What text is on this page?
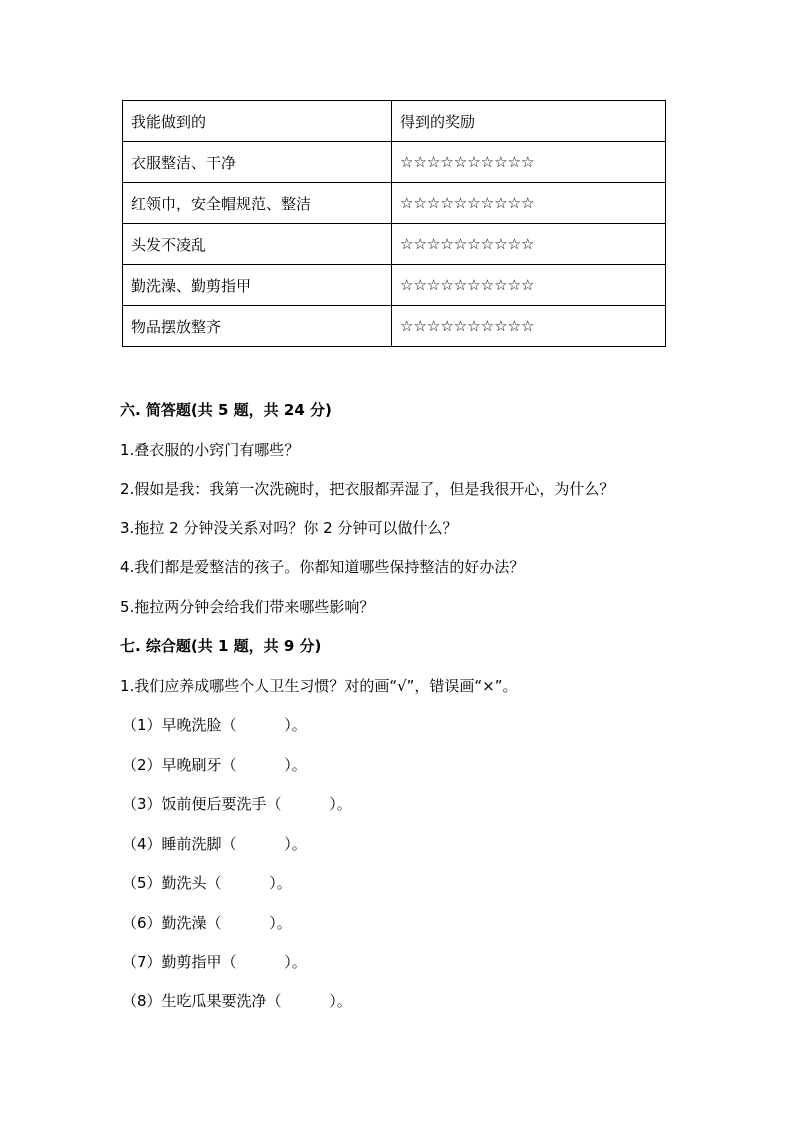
我能做到的	得到的奖励
衣服整洁、干净	☆☆☆☆☆☆☆☆☆☆
红领巾，安全帽规范、整洁	☆☆☆☆☆☆☆☆☆☆
头发不凌乱	☆☆☆☆☆☆☆☆☆☆
勤洗澡、勤剪指甲	☆☆☆☆☆☆☆☆☆☆
物品摆放整齐	☆☆☆☆☆☆☆☆☆☆
六. 简答题(共 5 题，共 24 分)
1.叠衣服的小窍门有哪些？
2.假如是我：我第一次洗碗时，把衣服都弄湿了，但是我很开心，为什么？
3.拖拉 2 分钟没关系对吗？你 2 分钟可以做什么？
4.我们都是爱整洁的孩子。你都知道哪些保持整洁的好办法？
5.拖拉两分钟会给我们带来哪些影响？
七. 综合题(共 1 题，共 9 分)
1.我们应养成哪些个人卫生习惯？对的画“√”，错误画“×”。
（1）早晚洗脸（          ）。
（2）早晚刷牙（          ）。
（3）饭前便后要洗手（          ）。
（4）睡前洗脚（          ）。
（5）勤洗头（          ）。
（6）勤洗澡（          ）。
（7）勤剪指甲（          ）。
（8）生吃瓜果要洗净（          ）。
